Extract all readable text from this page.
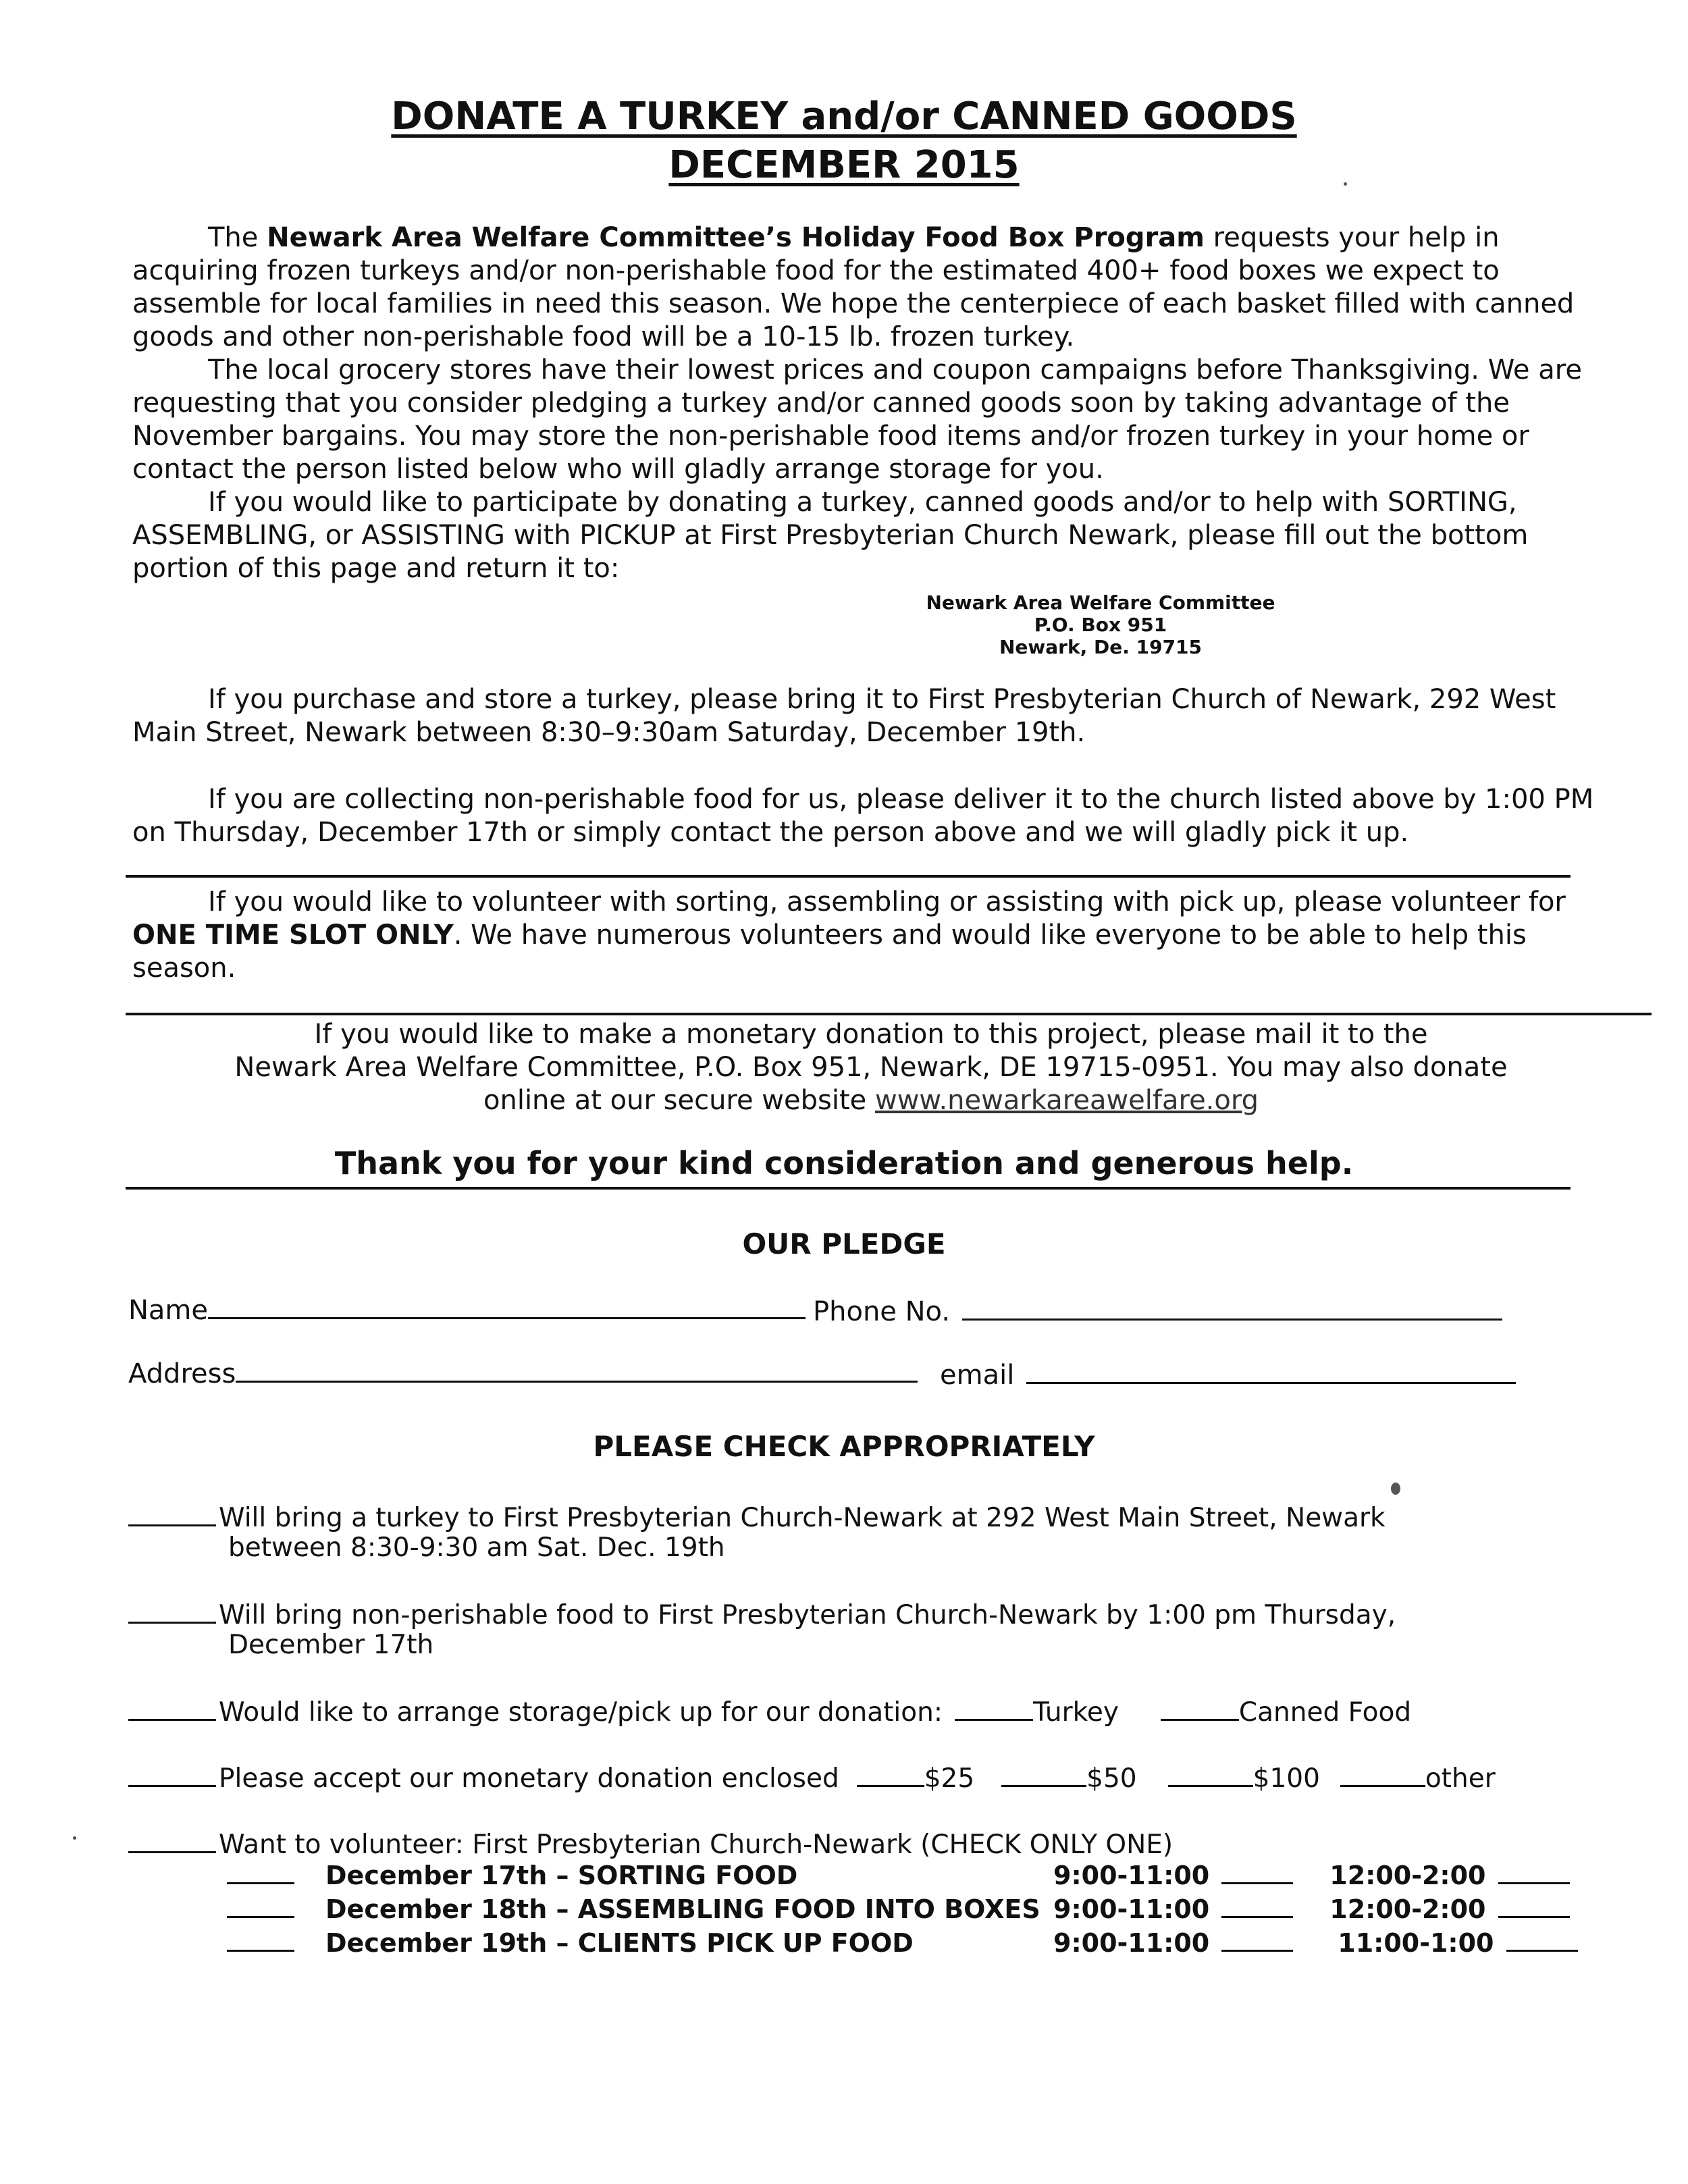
DONATE A TURKEY and/or CANNED GOODS
DECEMBER 2015
The Newark Area Welfare Committee’s Holiday Food Box Program requests your help in acquiring frozen turkeys and/or non-perishable food for the estimated 400+ food boxes we expect to assemble for local families in need this season. We hope the centerpiece of each basket filled with canned goods and other non-perishable food will be a 10-15 lb. frozen turkey.
The local grocery stores have their lowest prices and coupon campaigns before Thanksgiving. We are requesting that you consider pledging a turkey and/or canned goods soon by taking advantage of the November bargains. You may store the non-perishable food items and/or frozen turkey in your home or contact the person listed below who will gladly arrange storage for you.
If you would like to participate by donating a turkey, canned goods and/or to help with SORTING, ASSEMBLING, or ASSISTING with PICKUP at First Presbyterian Church Newark, please fill out the bottom portion of this page and return it to:
Newark Area Welfare Committee
P.O. Box 951
Newark, De. 19715
If you purchase and store a turkey, please bring it to First Presbyterian Church of Newark, 292 West Main Street, Newark between 8:30–9:30am Saturday, December 19th.
If you are collecting non-perishable food for us, please deliver it to the church listed above by 1:00 PM on Thursday, December 17th or simply contact the person above and we will gladly pick it up.
If you would like to volunteer with sorting, assembling or assisting with pick up, please volunteer for ONE TIME SLOT ONLY. We have numerous volunteers and would like everyone to be able to help this season.
If you would like to make a monetary donation to this project, please mail it to the
Newark Area Welfare Committee, P.O. Box 951, Newark, DE 19715-0951. You may also donate
online at our secure website www.newarkareawelfare.org
Thank you for your kind consideration and generous help.
OUR PLEDGE
Name	Phone No.
Address	email
PLEASE CHECK APPROPRIATELY
Will bring a turkey to First Presbyterian Church-Newark at 292 West Main Street, Newark
between 8:30-9:30 am Sat. Dec. 19th
Will bring non-perishable food to First Presbyterian Church-Newark by 1:00 pm Thursday,
December 17th
Would like to arrange storage/pick up for our donation:	Turkey	Canned Food
Please accept our monetary donation enclosed	$25	$50	$100	other
Want to volunteer: First Presbyterian Church-Newark (CHECK ONLY ONE)
December 17th – SORTING FOOD	9:00-11:00	12:00-2:00
December 18th – ASSEMBLING FOOD INTO BOXES 9:00-11:00	12:00-2:00
December 19th – CLIENTS PICK UP FOOD	9:00-11:00	11:00-1:00
